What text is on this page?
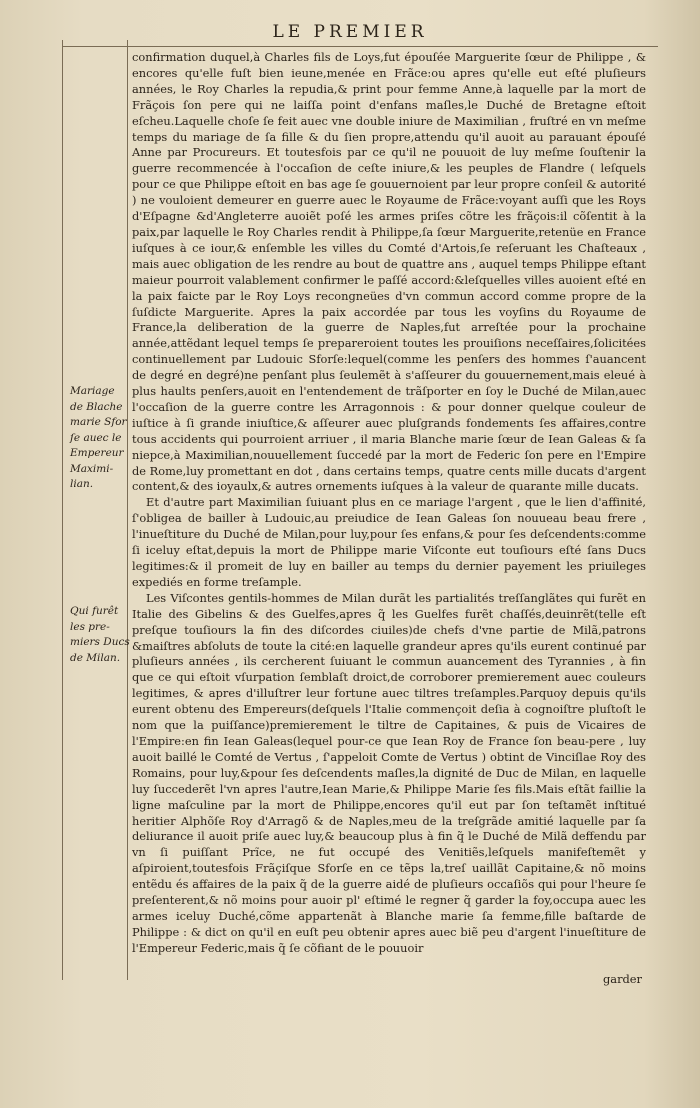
LE PREMIER
Mariage de Blache marie Sfor ſe auec le Empereur Maximi-lian.
Qui furêt les pre-miers Ducs de Milan.

confirmation duquel,à Charles fils de Loys,fut épouſée Marguerite ſœur de Philippe , & encores qu'elle fuſt bien ieune,menée en Frãce:ou apres qu'elle eut eſté pluſieurs années, le Roy Charles la repudia,& print pour femme Anne,à laquelle par la mort de Frãçois ſon pere qui ne laiſſa point d'enfans maſles,le Duché de Bretagne eſtoit eſcheu.Laquelle choſe ſe feit auec vne double iniure de Maximilian , fruſtré en vn meſme temps du mariage de ſa fille & du ſien propre,attendu qu'il auoit au parauant épouſé Anne par Procureurs. Et toutesfois par ce qu'il ne pouuoit de luy meſme ſouſtenir la guerre recommencée à l'occaſion de ceſte iniure,& les peuples de Flandre ( leſquels pour ce que Philippe eſtoit en bas age ſe gouuernoient par leur propre conſeil & autorité ) ne vouloient demeurer en guerre auec le Royaume de Frãce:voyant auſſi que les Roys d'Eſpagne &d'Angleterre auoiẽt poſé les armes priſes cõtre les frãçois:il cõſentit à la paix,par laquelle le Roy Charles rendit à Philippe,ſa ſœur Marguerite,retenüe en France iuſques à ce iour,& enſemble les villes du Comté d'Artois,ſe reſeruant les Chaſteaux , mais auec obligation de les rendre au bout de quattre ans , auquel temps Philippe eſtant maieur pourroit valablement confirmer le paſſé accord:&leſquelles villes auoient eſté en la paix faicte par le Roy Loys recongneües d'vn commun accord comme propre de la ſuſdicte Marguerite. Apres la paix accordée par tous les voyſins du Royaume de France,la deliberation de la guerre de Naples,fut arreſtée pour la prochaine année,attẽdant lequel temps ſe prepareroient toutes les prouiſions neceſſaires,ſolicitées continuellement par Ludouic Sforſe:lequel(comme les penſers des hommes ſ'auancent de degré en degré)ne penſant plus ſeulemẽt à s'aſſeurer du gouuernement,mais eleué à plus haults penſers,auoit en l'entendement de trãſporter en ſoy le Duché de Milan,auec l'occaſion de la guerre contre les Arragonnois : & pour donner quelque couleur de iuſtice à ſi grande iniuſtice,& aſſeurer auec pluſgrands fondements ſes affaires,contre tous accidents qui pourroient arriuer , il maria Blanche marie ſœur de Iean Galeas & ſa niepce,à Maximilian,nouuellement ſuccedé par la mort de Federic ſon pere en l'Empire de Rome,luy promettant en dot , dans certains temps, quatre cents mille ducats d'argent content,& des ioyaulx,& autres ornements iuſques à la valeur de quarante mille ducats.

Et d'autre part Maximilian ſuiuant plus en ce mariage l'argent , que le lien d'affinité, ſ'obligea de bailler à Ludouic,au preiudice de Iean Galeas ſon nouueau beau frere , l'inueſtiture du Duché de Milan,pour luy,pour ſes enfans,& pour ſes deſcendents:comme ſi iceluy eſtat,depuis la mort de Philippe marie Viſconte eut touſiours eſté ſans Ducs legitimes:& il promeit de luy en bailler au temps du dernier payement les priuileges expediés en forme treſample.

Les Viſcontes gentils-hommes de Milan durãt les partialités treſſanglãtes qui furẽt en Italie des Gibelins & des Guelfes,apres q̃ les Guelfes furẽt chaſſés,deuinrẽt(telle eſt preſque touſiours la fin des diſcordes ciuiles)de chefs d'vne partie de Milã,patrons &maiſtres abſoluts de toute la cité:en laquelle grandeur apres qu'ils eurent continué par pluſieurs années , ils cercherent ſuiuant le commun auancement des Tyrannies , à fin que ce qui eſtoit vſurpation ſemblaſt droict,de corroborer premierement auec couleurs legitimes, & apres d'illuſtrer leur fortune auec tiltres treſamples.Parquoy depuis qu'ils eurent obtenu des Empereurs(deſquels l'Italie commençoit deſia à cognoiſtre pluſtoſt le nom que la puiſſance)premierement le tiltre de Capitaines, & puis de Vicaires de l'Empire:en fin Iean Galeas(lequel pour-ce que Iean Roy de France ſon beau-pere , luy auoit baillé le Comté de Vertus , ſ'appeloit Comte de Vertus ) obtint de Vinciſlae Roy des Romains, pour luy,&pour ſes deſcendents maſles,la dignité de Duc de Milan, en laquelle luy ſuccederẽt l'vn apres l'autre,Iean Marie,& Philippe Marie ſes fils.Mais eſtãt faillie la ligne maſculine par la mort de Philippe,encores qu'il eut par ſon teſtamẽt inſtitué heritier Alphõſe Roy d'Arragõ & de Naples,meu de la treſgrãde amitié laquelle par ſa deliurance il auoit priſe auec luy,& beaucoup plus à fin q̃ le Duché de Milã deffendu par vn ſi puiſſant Prĩce, ne fut occupé des Venitiẽs,leſquels manifeſtemẽt y aſpiroient,toutesfois Frãçiſque Sforſe en ce tẽps la,treſ uaillãt Capitaine,& nõ moins entẽdu és affaires de la paix q̃ de la guerre aidé de pluſieurs occaſiõs qui pour l'heure ſe preſenterent,& nõ moins pour auoir pl' eſtimé le regner q̃ garder la foy,occupa auec les armes iceluy Duché,cõme appartenãt à Blanche marie ſa femme,fille baſtarde de Philippe : & dict on qu'il en euſt peu obtenir apres auec biẽ peu d'argent l'inueſtiture de l'Empereur Federic,mais q̃ ſe cõfiant de le pouuoir

garder
